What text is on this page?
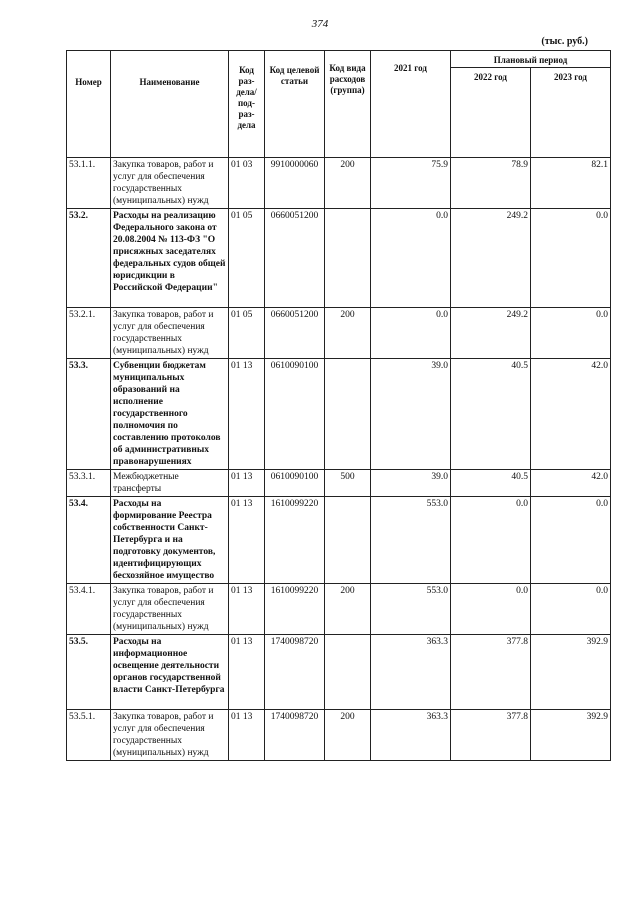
374
(тыс. руб.)
Номер	Наименование	Код раз-дела/ под-раз-дела	Код целевой статьи	Код вида расходов (группа)	2021 год	Плановый период	
						2022 год	2023 год
53.1.1.	Закупка товаров, работ и услуг для обеспечения государственных (муниципальных) нужд	01 03	9910000060	200	75.9	78.9	82.1
53.2.	Расходы на реализацию Федерального закона от 20.08.2004 № 113-ФЗ "О присяжных заседателях федеральных судов общей юрисдикции в Российской Федерации"	01 05	0660051200		0.0	249.2	0.0
53.2.1.	Закупка товаров, работ и услуг для обеспечения государственных (муниципальных) нужд	01 05	0660051200	200	0.0	249.2	0.0
53.3.	Субвенции бюджетам муниципальных образований на исполнение государственного полномочия по составлению протоколов об административных правонарушениях	01 13	0610090100		39.0	40.5	42.0
53.3.1.	Межбюджетные трансферты	01 13	0610090100	500	39.0	40.5	42.0
53.4.	Расходы на формирование Реестра собственности Санкт-Петербурга и на подготовку документов, идентифицирующих бесхозяйное имущество	01 13	1610099220		553.0	0.0	0.0
53.4.1.	Закупка товаров, работ и услуг для обеспечения государственных (муниципальных) нужд	01 13	1610099220	200	553.0	0.0	0.0
53.5.	Расходы на информационное освещение деятельности органов государственной власти Санкт-Петербурга	01 13	1740098720		363.3	377.8	392.9
53.5.1.	Закупка товаров, работ и услуг для обеспечения государственных (муниципальных) нужд	01 13	1740098720	200	363.3	377.8	392.9
